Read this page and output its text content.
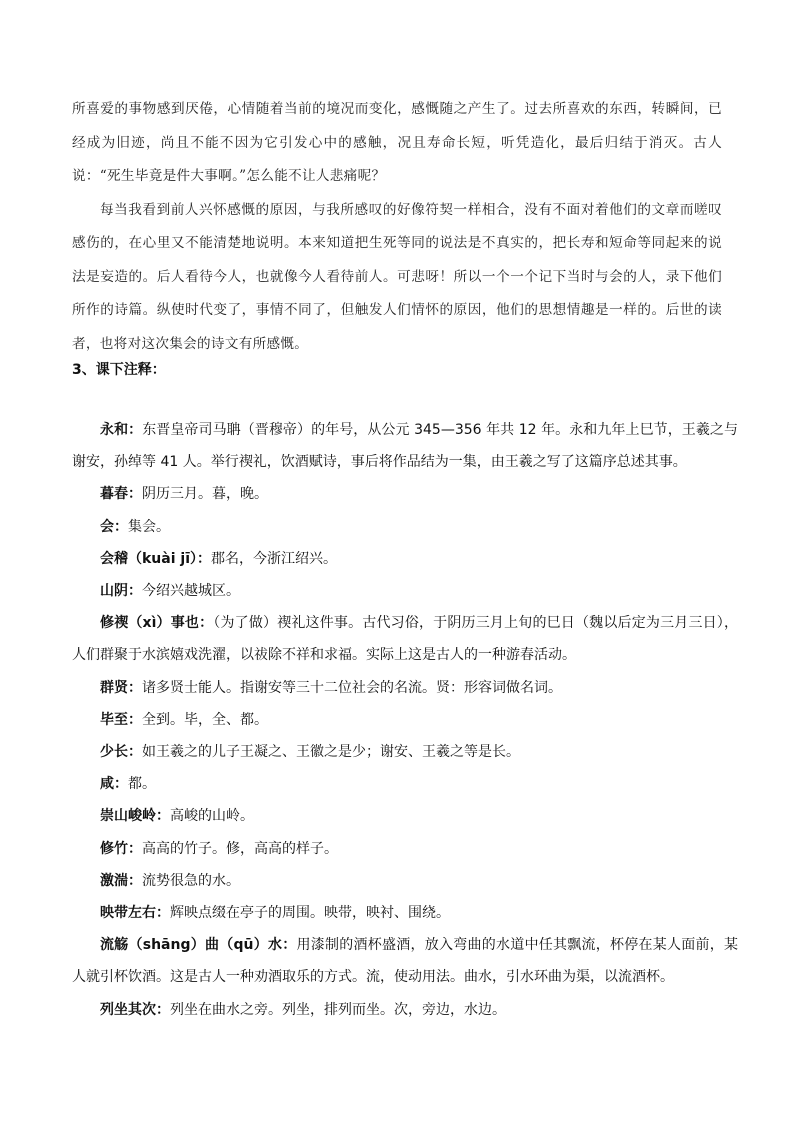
所喜爱的事物感到厌倦，心情随着当前的境况而变化，感慨随之产生了。过去所喜欢的东西，转瞬间，已经成为旧迹，尚且不能不因为它引发心中的感触，况且寿命长短，听凭造化，最后归结于消灭。古人说：“死生毕竟是件大事啊。”怎么能不让人悲痛呢？

每当我看到前人兴怀感慨的原因，与我所感叹的好像符契一样相合，没有不面对着他们的文章而嗟叹感伤的，在心里又不能清楚地说明。本来知道把生死等同的说法是不真实的，把长寿和短命等同起来的说法是妄造的。后人看待今人，也就像今人看待前人。可悲呀！所以一个一个记下当时与会的人，录下他们所作的诗篇。纵使时代变了，事情不同了，但触发人们情怀的原因，他们的思想情趣是一样的。后世的读者，也将对这次集会的诗文有所感慨。

3、课下注释：

永和：东晋皇帝司马聃（晋穆帝）的年号，从公元 345—356 年共 12 年。永和九年上巳节，王羲之与谢安，孙绰等 41 人。举行禊礼，饮酒赋诗，事后将作品结为一集，由王羲之写了这篇序总述其事。

暮春：阴历三月。暮，晚。

会：集会。

会稽（kuài jī）：郡名，今浙江绍兴。

山阴：今绍兴越城区。

修禊（xì）事也：（为了做）禊礼这件事。古代习俗，于阴历三月上旬的巳日（魏以后定为三月三日），人们群聚于水滨嬉戏洗濯，以祓除不祥和求福。实际上这是古人的一种游春活动。

群贤：诸多贤士能人。指谢安等三十二位社会的名流。贤：形容词做名词。

毕至：全到。毕，全、都。

少长：如王羲之的儿子王凝之、王徽之是少；谢安、王羲之等是长。

咸：都。

崇山峻岭：高峻的山岭。

修竹：高高的竹子。修，高高的样子。

激湍：流势很急的水。

映带左右：辉映点缀在亭子的周围。映带，映衬、围绕。

流觞（shāng）曲（qū）水：用漆制的酒杯盛酒，放入弯曲的水道中任其飘流，杯停在某人面前，某人就引杯饮酒。这是古人一种劝酒取乐的方式。流，使动用法。曲水，引水环曲为渠，以流酒杯。

列坐其次：列坐在曲水之旁。列坐，排列而坐。次，旁边，水边。
